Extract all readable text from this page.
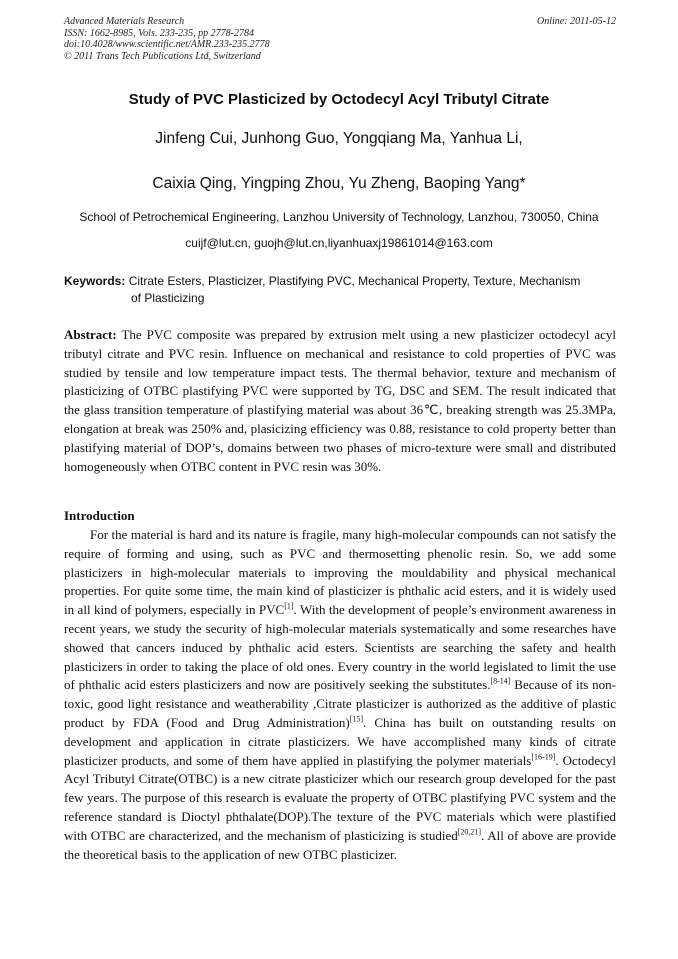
Advanced Materials Research
ISSN: 1662-8985, Vols. 233-235, pp 2778-2784
doi:10.4028/www.scientific.net/AMR.233-235.2778
© 2011 Trans Tech Publications Ltd, Switzerland
Online: 2011-05-12
Study of PVC Plasticized by Octodecyl Acyl Tributyl Citrate
Jinfeng Cui, Junhong Guo, Yongqiang Ma, Yanhua Li,
Caixia Qing, Yingping Zhou, Yu Zheng, Baoping Yang*
School of Petrochemical Engineering, Lanzhou University of Technology, Lanzhou, 730050, China
cuijf@lut.cn, guojh@lut.cn,liyanhuaxj19861014@163.com
Keywords: Citrate Esters, Plasticizer, Plastifying PVC, Mechanical Property, Texture, Mechanism
of Plasticizing
Abstract: The PVC composite was prepared by extrusion melt using a new plasticizer octodecyl acyl tributyl citrate and PVC resin. Influence on mechanical and resistance to cold properties of PVC was studied by tensile and low temperature impact tests. The thermal behavior, texture and mechanism of plasticizing of OTBC plastifying PVC were supported by TG, DSC and SEM. The result indicated that the glass transition temperature of plastifying material was about 36℃, breaking strength was 25.3MPa, elongation at break was 250% and, plasicizing efficiency was 0.88, resistance to cold property better than plastifying material of DOP’s, domains between two phases of micro-texture were small and distributed homogeneously when OTBC content in PVC resin was 30%.
Introduction
For the material is hard and its nature is fragile, many high-molecular compounds can not satisfy the require of forming and using, such as PVC and thermosetting phenolic resin. So, we add some plasticizers in high-molecular materials to improving the mouldability and physical mechanical properties. For quite some time, the main kind of plasticizer is phthalic acid esters, and it is widely used in all kind of polymers, especially in PVC[1]. With the development of people’s environment awareness in recent years, we study the security of high-molecular materials systematically and some researches have showed that cancers induced by phthalic acid esters. Scientists are searching the safety and health plasticizers in order to taking the place of old ones. Every country in the world legislated to limit the use of phthalic acid esters plasticizers and now are positively seeking the substitutes.[8-14] Because of its non-toxic, good light resistance and weatherability ,Citrate plasticizer is authorized as the additive of plastic product by FDA (Food and Drug Administration)[15]. China has built on outstanding results on development and application in citrate plasticizers. We have accomplished many kinds of citrate plasticizer products, and some of them have applied in plastifying the polymer materials[16-19]. Octodecyl Acyl Tributyl Citrate(OTBC) is a new citrate plasticizer which our research group developed for the past few years. The purpose of this research is evaluate the property of OTBC plastifying PVC system and the reference standard is Dioctyl phthalate(DOP).The texture of the PVC materials which were plastified with OTBC are characterized, and the mechanism of plasticizing is studied[20,21]. All of above are provide the theoretical basis to the application of new OTBC plasticizer.
